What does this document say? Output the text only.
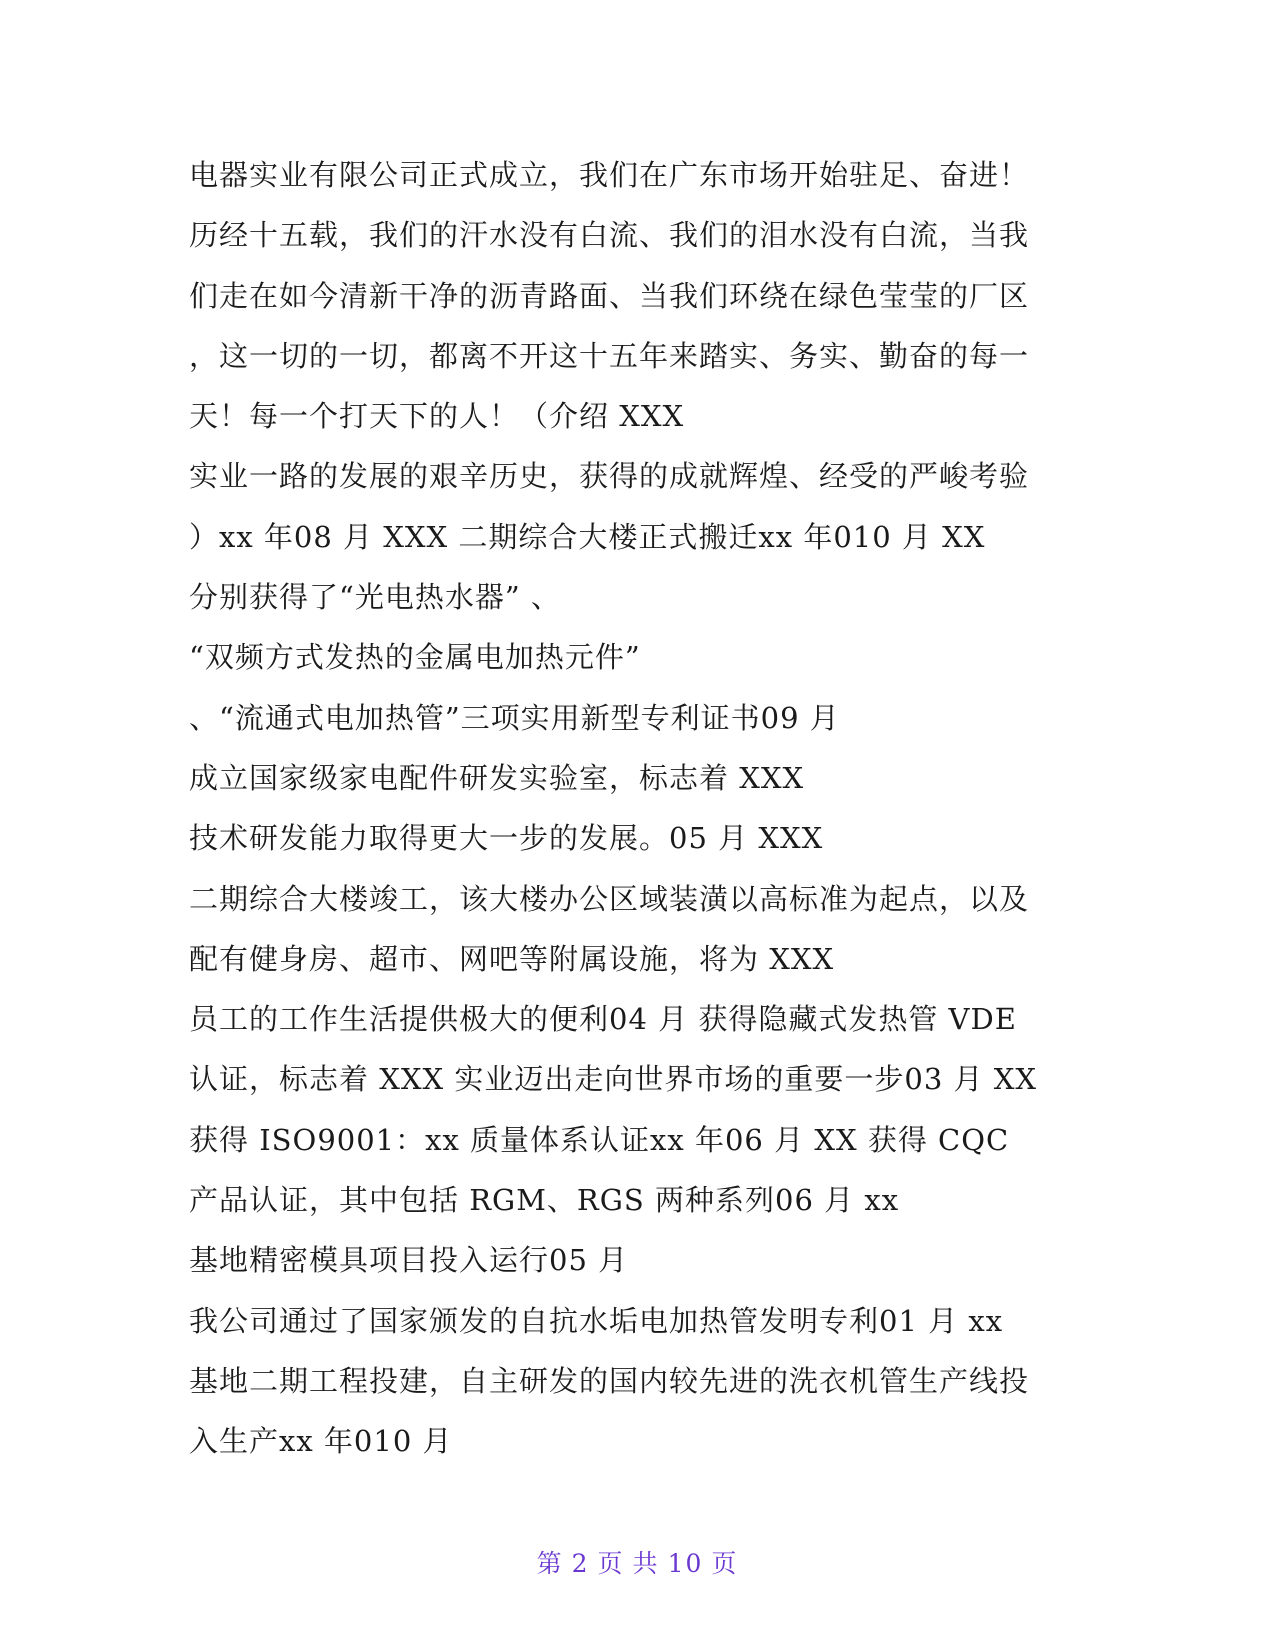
电器实业有限公司正式成立，我们在广东市场开始驻足、奋进！
历经十五载，我们的汗水没有白流、我们的泪水没有白流，当我
们走在如今清新干净的沥青路面、当我们环绕在绿色莹莹的厂区
，这一切的一切，都离不开这十五年来踏实、务实、勤奋的每一
天！每一个打天下的人！（介绍 XXX
实业一路的发展的艰辛历史，获得的成就辉煌、经受的严峻考验
）xx 年08 月 XXX 二期综合大楼正式搬迁xx 年010 月 XX
分别获得了“光电热水器” 、
“双频方式发热的金属电加热元件”
、“流通式电加热管”三项实用新型专利证书09 月
成立国家级家电配件研发实验室，标志着 XXX
技术研发能力取得更大一步的发展。05 月 XXX
二期综合大楼竣工，该大楼办公区域装潢以高标准为起点，以及
配有健身房、超市、网吧等附属设施，将为 XXX
员工的工作生活提供极大的便利04 月 获得隐藏式发热管 VDE
认证，标志着 XXX 实业迈出走向世界市场的重要一步03 月 XX
获得 ISO9001：xx 质量体系认证xx 年06 月 XX 获得 CQC
产品认证，其中包括 RGM、RGS 两种系列06 月 xx
基地精密模具项目投入运行05 月
我公司通过了国家颁发的自抗水垢电加热管发明专利01 月 xx
基地二期工程投建，自主研发的国内较先进的洗衣机管生产线投
入生产xx 年010 月
第 2 页 共 10 页
